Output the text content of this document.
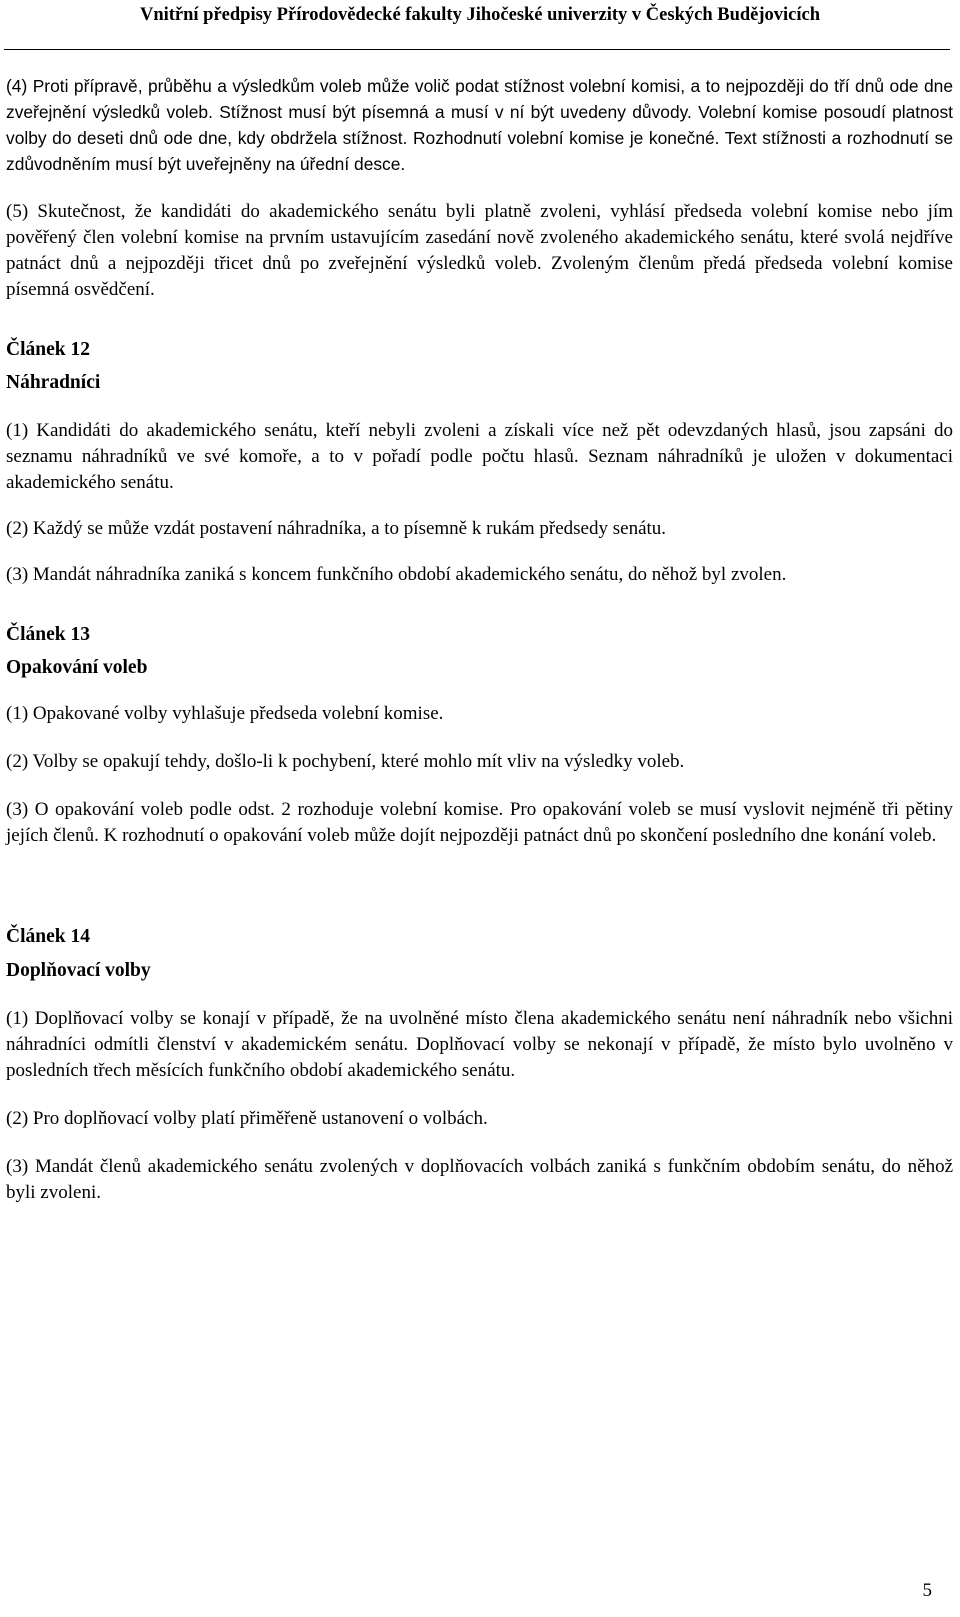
Vnitřní předpisy Přírodovědecké fakulty Jihočeské univerzity v Českých Budějovicích

(4) Proti přípravě, průběhu a výsledkům voleb může volič podat stížnost volební komisi, a to nejpozději do tří dnů ode dne zveřejnění výsledků voleb. Stížnost musí být písemná a musí v ní být uvedeny důvody. Volební komise posoudí platnost volby do deseti dnů ode dne, kdy obdržela stížnost. Rozhodnutí volební komise je konečné. Text stížnosti a rozhodnutí se zdůvodněním musí být uveřejněny na úřední desce.

(5) Skutečnost, že kandidáti do akademického senátu byli platně zvoleni, vyhlásí předseda volební komise nebo jím pověřený člen volební komise na prvním ustavujícím zasedání nově zvoleného akademického senátu, které svolá nejdříve patnáct dnů a nejpozději třicet dnů po zveřejnění výsledků voleb. Zvoleným členům předá předseda volební komise písemná osvědčení.

Článek 12

Náhradníci

(1) Kandidáti do akademického senátu, kteří nebyli zvoleni a získali více než pět odevzdaných hlasů, jsou zapsáni do seznamu náhradníků ve své komoře, a to v pořadí podle počtu hlasů. Seznam náhradníků je uložen v dokumentaci akademického senátu.

(2) Každý se může vzdát postavení náhradníka, a to písemně k rukám předsedy senátu.

(3) Mandát náhradníka zaniká s koncem funkčního období akademického senátu, do něhož byl zvolen.

Článek 13

Opakování voleb

(1) Opakované volby vyhlašuje předseda volební komise.

(2) Volby se opakují tehdy, došlo-li k pochybení, které mohlo mít vliv na výsledky voleb.

(3) O opakování voleb podle odst. 2 rozhoduje volební komise. Pro opakování voleb se musí vyslovit nejméně tři pětiny jejích členů. K rozhodnutí o opakování voleb může dojít nejpozději patnáct dnů po skončení posledního dne konání voleb.

Článek 14

Doplňovací volby

(1) Doplňovací volby se konají v případě, že na uvolněné místo člena akademického senátu není náhradník nebo všichni náhradníci odmítli členství v akademickém senátu. Doplňovací volby se nekonají v případě, že místo bylo uvolněno v posledních třech měsících funkčního období akademického senátu.

(2) Pro doplňovací volby platí přiměřeně ustanovení o volbách.

(3) Mandát členů akademického senátu zvolených v doplňovacích volbách zaniká s funkčním obdobím senátu, do něhož byli zvoleni.

5
